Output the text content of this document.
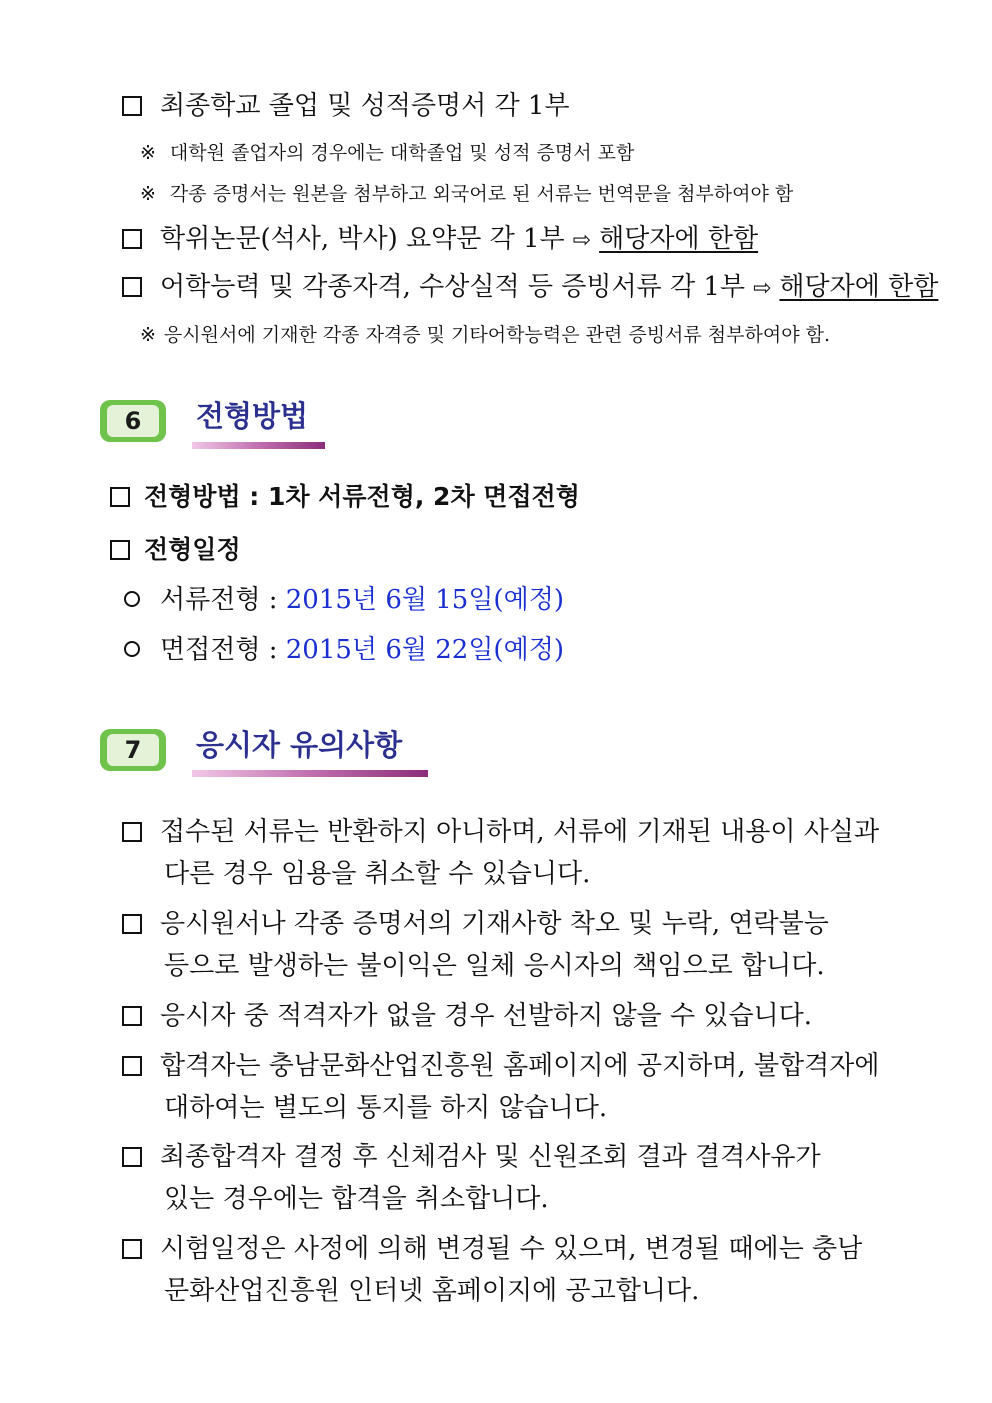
최종학교 졸업 및 성적증명서 각 1부
※ 대학원 졸업자의 경우에는 대학졸업 및 성적 증명서 포함
※ 각종 증명서는 원본을 첨부하고 외국어로 된 서류는 번역문을 첨부하여야 함
학위논문(석사, 박사) 요약문 각 1부 ⇨ 해당자에 한함
어학능력 및 각종자격, 수상실적 등 증빙서류 각 1부 ⇨ 해당자에 한함
※ 응시원서에 기재한 각종 자격증 및 기타어학능력은 관련 증빙서류 첨부하여야 함.
6	전형방법
전형방법 : 1차 서류전형, 2차 면접전형
전형일정
서류전형 : 2015년 6월 15일(예정)
면접전형 : 2015년 6월 22일(예정)
7	응시자 유의사항
접수된 서류는 반환하지 아니하며, 서류에 기재된 내용이 사실과
다른 경우 임용을 취소할 수 있습니다.
응시원서나 각종 증명서의 기재사항 착오 및 누락, 연락불능
등으로 발생하는 불이익은 일체 응시자의 책임으로 합니다.
응시자 중 적격자가 없을 경우 선발하지 않을 수 있습니다.
합격자는 충남문화산업진흥원 홈페이지에 공지하며, 불합격자에
대하여는 별도의 통지를 하지 않습니다.
최종합격자 결정 후 신체검사 및 신원조회 결과 결격사유가
있는 경우에는 합격을 취소합니다.
시험일정은 사정에 의해 변경될 수 있으며, 변경될 때에는 충남
문화산업진흥원 인터넷 홈페이지에 공고합니다.
